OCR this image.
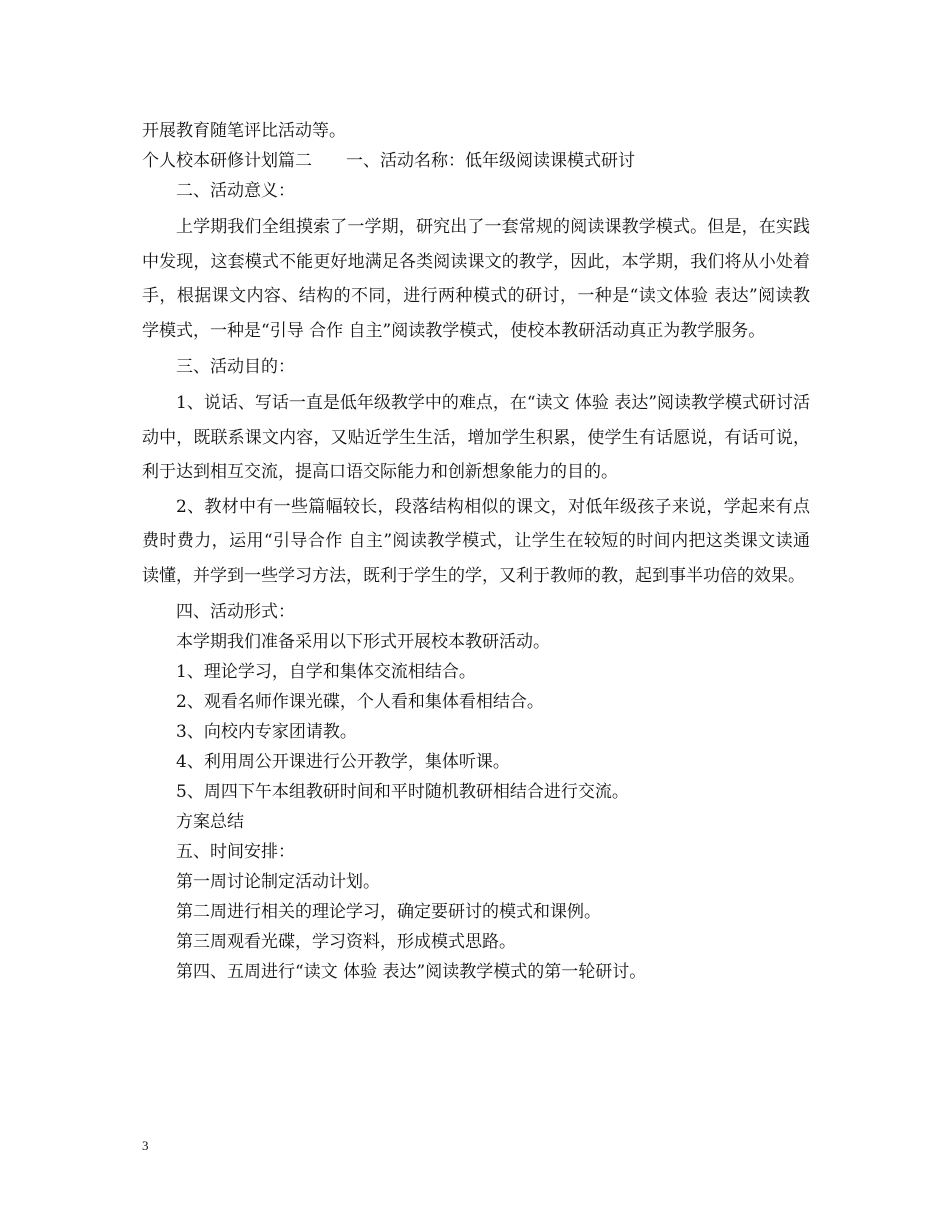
开展教育随笔评比活动等。

个人校本研修计划篇二　　一、活动名称：低年级阅读课模式研讨

二、活动意义：

上学期我们全组摸索了一学期，研究出了一套常规的阅读课教学模式。但是，在实践中发现，这套模式不能更好地满足各类阅读课文的教学，因此，本学期，我们将从小处着手，根据课文内容、结构的不同，进行两种模式的研讨，一种是“读文体验 表达”阅读教学模式，一种是“引导 合作 自主”阅读教学模式，使校本教研活动真正为教学服务。

三、活动目的：

1、说话、写话一直是低年级教学中的难点，在“读文 体验 表达”阅读教学模式研讨活动中，既联系课文内容，又贴近学生生活，增加学生积累，使学生有话愿说，有话可说，利于达到相互交流，提高口语交际能力和创新想象能力的目的。

2、教材中有一些篇幅较长，段落结构相似的课文，对低年级孩子来说，学起来有点费时费力，运用“引导合作 自主”阅读教学模式，让学生在较短的时间内把这类课文读通读懂，并学到一些学习方法，既利于学生的学，又利于教师的教，起到事半功倍的效果。

四、活动形式：

本学期我们准备采用以下形式开展校本教研活动。

1、理论学习，自学和集体交流相结合。

2、观看名师作课光碟，个人看和集体看相结合。

3、向校内专家团请教。

4、利用周公开课进行公开教学，集体听课。

5、周四下午本组教研时间和平时随机教研相结合进行交流。

方案总结

五、时间安排：

第一周讨论制定活动计划。

第二周进行相关的理论学习，确定要研讨的模式和课例。

第三周观看光碟，学习资料，形成模式思路。

第四、五周进行“读文 体验 表达”阅读教学模式的第一轮研讨。

3
